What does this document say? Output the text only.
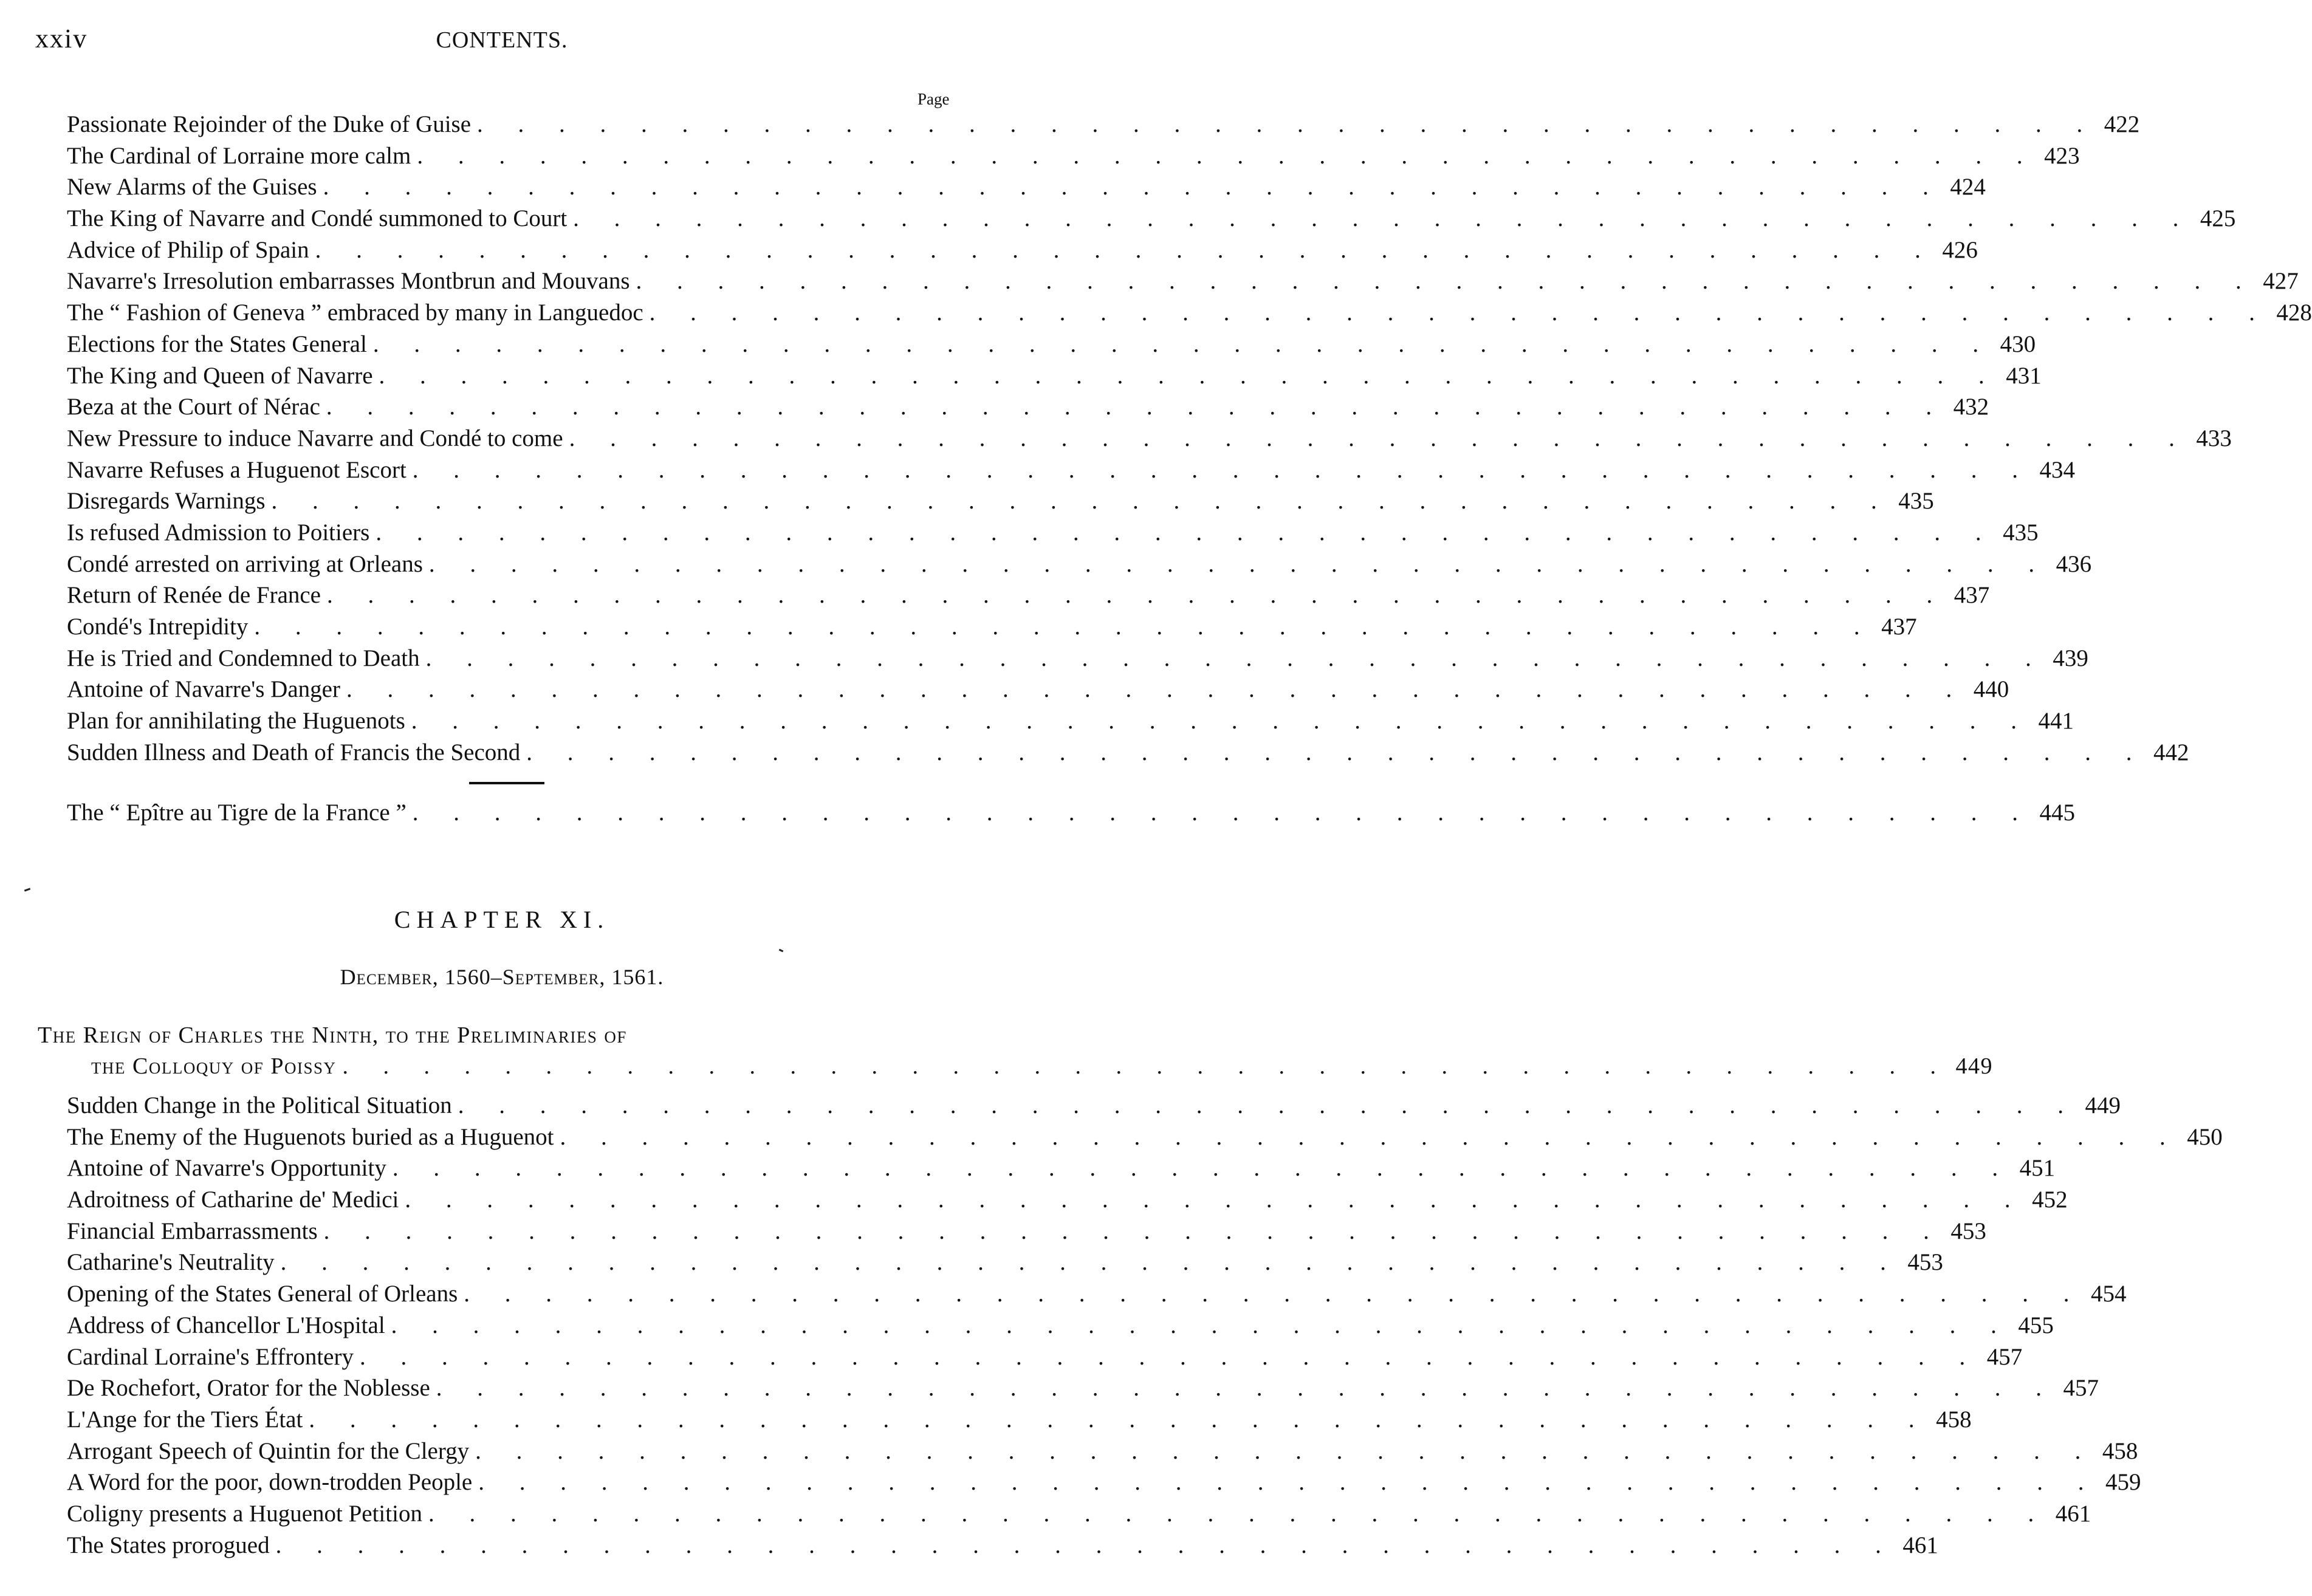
xxiv	CONTENTS.
Page
Passionate Rejoinder of the Duke of Guise . . . . . . . . . . . . . . . . . . . . . . . . . . . . . . . . . . . . . . . . 422
The Cardinal of Lorraine more calm . . . . . . . . . . . . . . . . . . . . . . . . . . . . . . . . . . . . . . . . 423
New Alarms of the Guises . . . . . . . . . . . . . . . . . . . . . . . . . . . . . . . . . . . . . . . . 424
The King of Navarre and Condé summoned to Court . . . . . . . . . . . . . . . . . . . . . . . . . . . . . . . . . . . . . . . . 425
Advice of Philip of Spain . . . . . . . . . . . . . . . . . . . . . . . . . . . . . . . . . . . . . . . . 426
Navarre's Irresolution embarrasses Montbrun and Mouvans . . . . . . . . . . . . . . . . . . . . . . . . . . . . . . . . . . . . . . . . 427
The “ Fashion of Geneva ” embraced by many in Languedoc . . . . . . . . . . . . . . . . . . . . . . . . . . . . . . . . . . . . . . . . 428
Elections for the States General . . . . . . . . . . . . . . . . . . . . . . . . . . . . . . . . . . . . . . . . 430
The King and Queen of Navarre . . . . . . . . . . . . . . . . . . . . . . . . . . . . . . . . . . . . . . . . 431
Beza at the Court of Nérac . . . . . . . . . . . . . . . . . . . . . . . . . . . . . . . . . . . . . . . . 432
New Pressure to induce Navarre and Condé to come . . . . . . . . . . . . . . . . . . . . . . . . . . . . . . . . . . . . . . . . 433
Navarre Refuses a Huguenot Escort . . . . . . . . . . . . . . . . . . . . . . . . . . . . . . . . . . . . . . . . 434
Disregards Warnings . . . . . . . . . . . . . . . . . . . . . . . . . . . . . . . . . . . . . . . . 435
Is refused Admission to Poitiers . . . . . . . . . . . . . . . . . . . . . . . . . . . . . . . . . . . . . . . . 435
Condé arrested on arriving at Orleans . . . . . . . . . . . . . . . . . . . . . . . . . . . . . . . . . . . . . . . . 436
Return of Renée de France . . . . . . . . . . . . . . . . . . . . . . . . . . . . . . . . . . . . . . . . 437
Condé's Intrepidity . . . . . . . . . . . . . . . . . . . . . . . . . . . . . . . . . . . . . . . . 437
He is Tried and Condemned to Death . . . . . . . . . . . . . . . . . . . . . . . . . . . . . . . . . . . . . . . . 439
Antoine of Navarre's Danger . . . . . . . . . . . . . . . . . . . . . . . . . . . . . . . . . . . . . . . . 440
Plan for annihilating the Huguenots . . . . . . . . . . . . . . . . . . . . . . . . . . . . . . . . . . . . . . . . 441
Sudden Illness and Death of Francis the Second . . . . . . . . . . . . . . . . . . . . . . . . . . . . . . . . . . . . . . . . 442
The “ Epître au Tigre de la France ” . . . . . . . . . . . . . . . . . . . . . . . . . . . . . . . . . . . . . . . . 445
CHAPTER XI.
December, 1560–September, 1561.
The Reign of Charles the Ninth, to the Preliminaries of
the Colloquy of Poissy . . . . . . . . . . . . . . . . . . . . . . . . . . . . . . . . . . . . . . . . 449
Sudden Change in the Political Situation . . . . . . . . . . . . . . . . . . . . . . . . . . . . . . . . . . . . . . . . 449
The Enemy of the Huguenots buried as a Huguenot . . . . . . . . . . . . . . . . . . . . . . . . . . . . . . . . . . . . . . . . 450
Antoine of Navarre's Opportunity . . . . . . . . . . . . . . . . . . . . . . . . . . . . . . . . . . . . . . . . 451
Adroitness of Catharine de' Medici . . . . . . . . . . . . . . . . . . . . . . . . . . . . . . . . . . . . . . . . 452
Financial Embarrassments . . . . . . . . . . . . . . . . . . . . . . . . . . . . . . . . . . . . . . . . 453
Catharine's Neutrality . . . . . . . . . . . . . . . . . . . . . . . . . . . . . . . . . . . . . . . . 453
Opening of the States General of Orleans . . . . . . . . . . . . . . . . . . . . . . . . . . . . . . . . . . . . . . . . 454
Address of Chancellor L'Hospital . . . . . . . . . . . . . . . . . . . . . . . . . . . . . . . . . . . . . . . . 455
Cardinal Lorraine's Effrontery . . . . . . . . . . . . . . . . . . . . . . . . . . . . . . . . . . . . . . . . 457
De Rochefort, Orator for the Noblesse . . . . . . . . . . . . . . . . . . . . . . . . . . . . . . . . . . . . . . . . 457
L'Ange for the Tiers État . . . . . . . . . . . . . . . . . . . . . . . . . . . . . . . . . . . . . . . . 458
Arrogant Speech of Quintin for the Clergy . . . . . . . . . . . . . . . . . . . . . . . . . . . . . . . . . . . . . . . . 458
A Word for the poor, down-trodden People . . . . . . . . . . . . . . . . . . . . . . . . . . . . . . . . . . . . . . . . 459
Coligny presents a Huguenot Petition . . . . . . . . . . . . . . . . . . . . . . . . . . . . . . . . . . . . . . . . 461
The States prorogued . . . . . . . . . . . . . . . . . . . . . . . . . . . . . . . . . . . . . . . . 461
